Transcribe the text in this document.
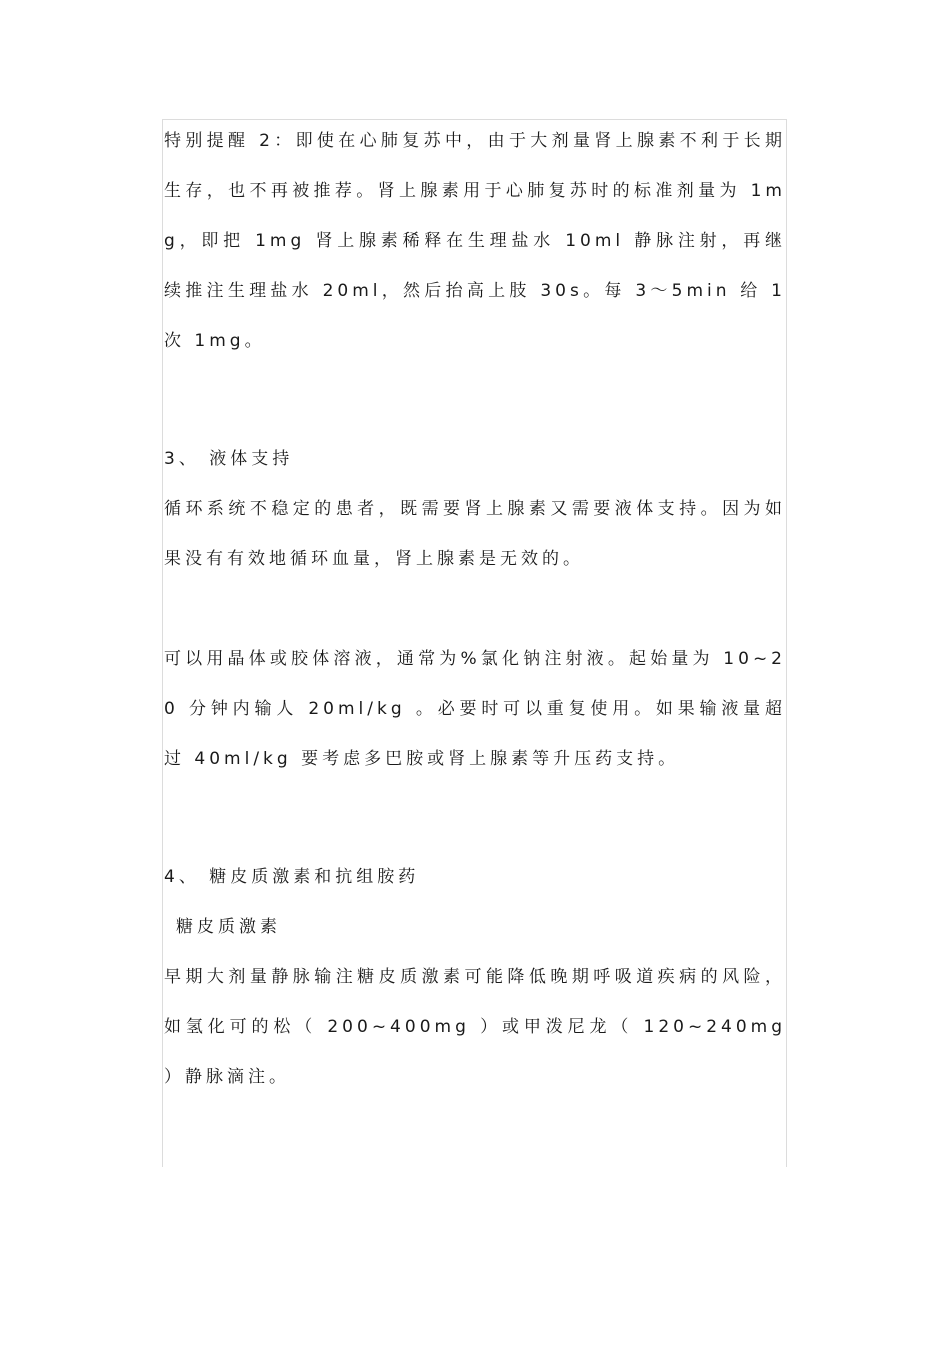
特别提醒 2：即使在心肺复苏中，由于大剂量肾上腺素不利于长期生存，也不再被推荐。肾上腺素用于心肺复苏时的标准剂量为 1mg，即把 1mg 肾上腺素稀释在生理盐水 10ml 静脉注射，再继续推注生理盐水 20ml，然后抬高上肢 30s。每 3～5min 给 1 次 1mg。

3、 液体支持

循环系统不稳定的患者，既需要肾上腺素又需要液体支持。因为如果没有有效地循环血量，肾上腺素是无效的。

可以用晶体或胶体溶液，通常为%氯化钠注射液。起始量为 10~20 分钟内输人 20ml/kg 。必要时可以重复使用。如果输液量超过 40ml/kg 要考虑多巴胺或肾上腺素等升压药支持。

4、 糖皮质激素和抗组胺药

糖皮质激素

早期大剂量静脉输注糖皮质激素可能降低晚期呼吸道疾病的风险，如氢化可的松（ 200~400mg ）或甲泼尼龙（ 120~240mg ）静脉滴注。
